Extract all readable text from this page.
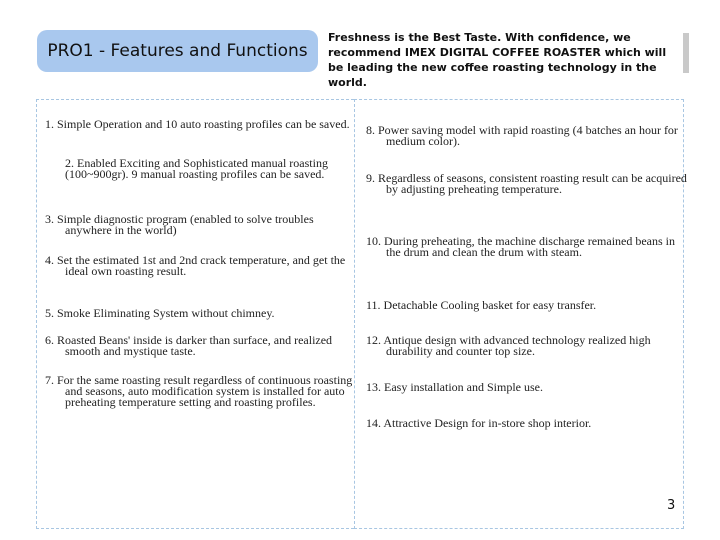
PRO1 - Features and Functions
Freshness is the Best Taste. With confidence, we recommend IMEX DIGITAL COFFEE ROASTER which will be leading the new coffee roasting technology in the world.
1. Simple Operation and 10 auto roasting profiles can be saved.
2. Enabled Exciting and Sophisticated manual roasting (100~900gr). 9 manual roasting profiles can be saved.
3. Simple diagnostic program (enabled to solve troubles anywhere in the world)
4. Set the estimated 1st and 2nd crack temperature, and get the ideal own roasting result.
5. Smoke Eliminating System without chimney.
6. Roasted Beans' inside is darker than surface, and realized smooth and mystique taste.
7. For the same roasting result regardless of continuous roasting and seasons, auto modification system is installed for auto preheating temperature setting and roasting profiles.
8. Power saving model with rapid roasting (4 batches an hour for medium color).
9. Regardless of seasons, consistent roasting result can be acquired by adjusting preheating temperature.
10. During preheating, the machine discharge remained beans in the drum and clean the drum with steam.
11. Detachable Cooling basket for easy transfer.
12. Antique design with advanced technology realized high durability and counter top size.
13. Easy installation and Simple use.
14. Attractive Design for in-store shop interior.
3
